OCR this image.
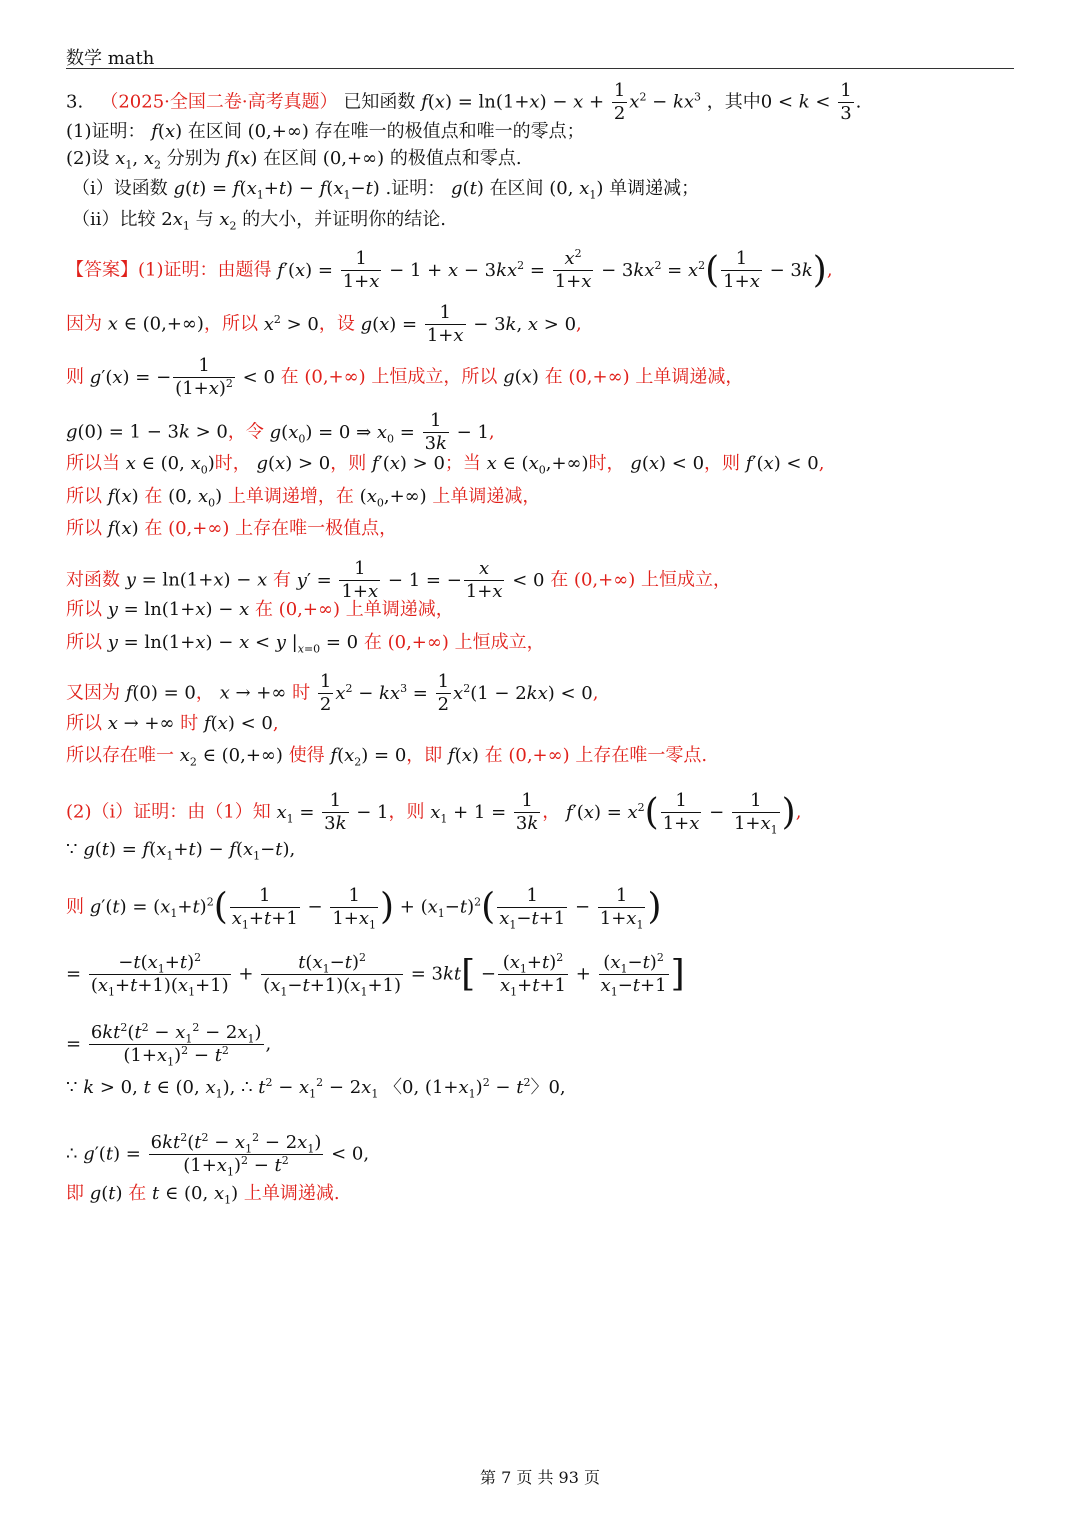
数学 math
3. （2025·全国二卷·高考真题） 已知函数 $f(x) = \ln(1+x) - x + \frac{1}{2} x^2 - kx^3$ ，其中$0 < k < \frac{1}{3}$ .
(1)证明： f(x) 在区间 (0,+∞) 存在唯一的极值点和唯一的零点；
(2)设 $x_1$, $x_2$ 分别为 f(x) 在区间 (0,+∞) 的极值点和零点.
（i）设函数 $g(t) = f(x_1+t) - f(x_1-t)$ .证明： g(t) 在区间 (0, $x_1$) 单调递减；
（ii）比较 $2x_1$ 与 $x_2$ 的大小，并证明你的结论.
【答案】(1)证明：由题得 $f'(x) = \frac{1}{1+x} - 1 + x - 3kx^2 = \frac{x^2}{1+x} - 3kx^2 = x^2( \frac{1}{1+x} - 3k)$,
因为 x ∈ (0,+∞)，所以 $x^2 > 0$，设 $g(x) = \frac{1}{1+x} - 3k$, x > 0,
则 g′(x) = − $\frac{1}{(1+x)^2} < 0$ 在 (0,+∞) 上恒成立，所以 g(x) 在 (0,+∞) 上单调递减，
g(0) = 1 − 3k > 0，令 $g(x_0) = 0$ ⇒ $x_0 = \frac{1}{3k} - 1$,
所以当 x ∈ (0, $x_0$)时， g(x) > 0，则 f′(x) > 0；当 x ∈ $(x_0,+\infty)$时， g(x) < 0，则 f′(x) < 0,
所以 f(x) 在 (0, $x_0$) 上单调递增，在 $(x_0,+\infty)$ 上单调递减，
所以 f(x) 在 (0,+∞) 上存在唯一极值点，
对函数 y = ln(1+x) − x 有 $y' = \frac{1}{1+x} - 1$ = − $\frac{x}{1+x} < 0$ 在 (0,+∞) 上恒成立，
所以 y = ln(1+x) − x 在 (0,+∞) 上单调递减，
所以 y = ln(1+x) − x < y $|_{x=0} = 0$ 在 (0,+∞) 上恒成立，
又因为 f(0) = 0， x → +∞ 时 $\frac{1}{2} x^2 - kx^3 = \frac{1}{2} x^2(1 - 2kx) < 0$,
所以 x → +∞ 时 f(x) < 0,
所以存在唯一 $x_2$ ∈ (0,+∞) 使得 $f(x_2) = 0$，即 f(x) 在 (0,+∞) 上存在唯一零点.
(2)（i）证明：由（1）知 $x_1 = \frac{1}{3k} - 1$，则 $x_1 + 1 = \frac{1}{3k}$ ， $f'(x) = x^2( \frac{1}{1+x} - \frac{1}{1+x_1}$ ),
∵ $g(t) = f(x_1+t) - f(x_1-t)$,
则 $g'(t) = (x_1+t)^2( \frac{1}{x_1+t+1} - \frac{1}{1+x_1}$ ) + $(x_1-t)^2( \frac{1}{x_1-t+1} - \frac{1}{1+x_1}$ )
= $\frac{-t(x_1+t)^2}{(x_1+t+1)(x_1+1)} + \frac{t(x_1-t)^2}{(x_1-t+1)(x_1+1)} = 3kt[ - \frac{(x_1+t)^2}{x_1+t+1} + \frac{(x_1-t)^2}{x_1-t+1}$ ]
= $\frac{6kt^2(t^2 - x_1^2 - 2x_1)}{(1+x_1)^2 - t^2}$ ,
∵ k > 0, t ∈ (0, $x_1$), ∴ $t^2 - x_1^2 - 2x_1$ 〈0, $(1+x_1)^2 - t^2$〉0,
∴ $g'(t) = \frac{6kt^2(t^2 - x_1^2 - 2x_1)}{(1+x_1)^2 - t^2} < 0$,
即 g(t) 在 t ∈ (0, $x_1$) 上单调递减.
第 7 页 共 93 页
